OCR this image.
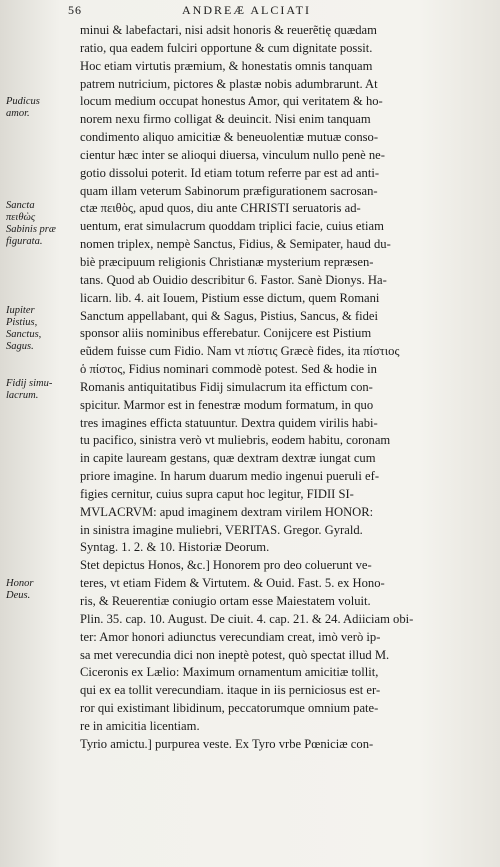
56	ANDREÆ ALCIATI
Pudicus
amor.
Sancta
πειθὼς
Sabinis præ
figurata.
Iupiter
Pistius,
Sanctus,
Sagus.
Fidij simu-
lacrum.
Honor
Deus.
minui & labefactari, nisi adsit honoris & reuerẽtię quædam
ratio, qua eadem fulciri opportune & cum dignitate possit.
Hoc etiam virtutis præmium, & honestatis omnis tanquam
patrem nutricium, pictores & plastæ nobis adumbrarunt. At
locum medium occupat honestus Amor, qui veritatem & ho-
norem nexu firmo colligat & deuincit. Nisi enim tanquam
condimento aliquo amicitiæ & beneuolentiæ mutuæ conso-
cientur hæc inter se alioqui diuersa, vinculum nullo penè ne-
gotio dissolui poterit. Id etiam totum referre par est ad anti-
quam illam veterum Sabinorum præfigurationem sacrosan-
ctæ πειθὸς, apud quos, diu ante CHRISTI seruatoris ad-
uentum, erat simulacrum quoddam triplici facie, cuius etiam
nomen triplex, nempè Sanctus, Fidius, & Semipater, haud du-
biè præcipuum religionis Christianæ mysterium repræsen-
tans. Quod ab Ouidio describitur 6. Fastor. Sanè Dionys. Ha-
licarn. lib. 4. ait Iouem, Pistium esse dictum, quem Romani
Sanctum appellabant, qui & Sagus, Pistius, Sancus, & fidei
sponsor aliis nominibus efferebatur. Conijcere est Pistium
eũdem fuisse cum Fidio. Nam vt πίστις Græcè fides, ita πίστιος
ὁ πίστος, Fidius nominari commodè potest. Sed & hodie in
Romanis antiquitatibus Fidij simulacrum ita effictum con-
spicitur. Marmor est in fenestræ modum formatum, in quo
tres imagines efficta statuuntur. Dextra quidem virilis habi-
tu pacifico, sinistra verò vt muliebris, eodem habitu, coronam
in capite lauream gestans, quæ dextram dextræ iungat cum
priore imagine. In harum duarum medio ingenui pueruli ef-
figies cernitur, cuius supra caput hoc legitur, FIDII SI-
MVLACRVM: apud imaginem dextram virilem HONOR:
in sinistra imagine muliebri, VERITAS. Gregor. Gyrald.
Syntag. 1. 2. & 10. Historiæ Deorum.
Stet depictus Honos, &c.] Honorem pro deo coluerunt ve-
teres, vt etiam Fidem & Virtutem. & Ouid. Fast. 5. ex Hono-
ris, & Reuerentiæ coniugio ortam esse Maiestatem voluit.
Plin. 35. cap. 10. August. De ciuit. 4. cap. 21. & 24. Adiiciam obi-
ter: Amor honori adiunctus verecundiam creat, imò verò ip-
sa met verecundia dici non ineptè potest, quò spectat illud M.
Ciceronis ex Lælio: Maximum ornamentum amicitiæ tollit,
qui ex ea tollit verecundiam. itaque in iis perniciosus est er-
ror qui existimant libidinum, peccatorumque omnium pate-
re in amicitia licentiam.
Tyrio amictu.] purpurea veste. Ex Tyro vrbe Pœniciæ con-
